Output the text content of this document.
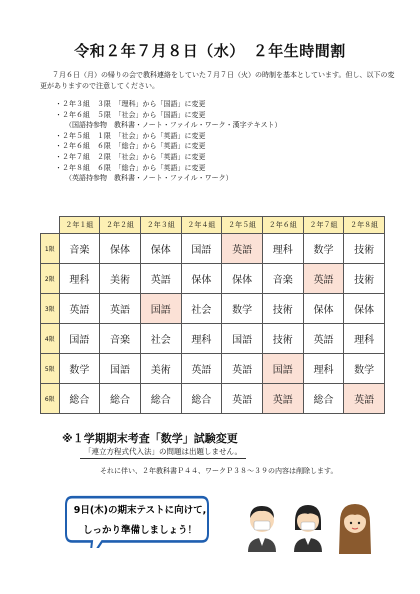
令和２年７月８日（水）　２年生時間割
７月６日（月）の帰りの会で教科連絡をしていた７月７日（火）の時制を基本としています。但し、以下の変更がありますので注意してください。
・２年３組　３限　「理科」から「国語」に変更
・２年６組　５限　「社会」から「国語」に変更
（国語持参物　教科書・ノート・ファイル・ワーク・漢字テキスト）
・２年５組　１限　「社会」から「英語」に変更
・２年６組　６限　「総合」から「英語」に変更
・２年７組　２限　「社会」から「英語」に変更
・２年８組　６限　「総合」から「英語」に変更
（英語持参物　教科書・ノート・ファイル・ワーク）
	２年１組	２年２組	２年３組	２年４組	２年５組	２年６組	２年７組	２年８組
1限	音楽	保体	保体	国語	英語	理科	数学	技術
2限	理科	美術	英語	保体	保体	音楽	英語	技術
3限	英語	英語	国語	社会	数学	技術	保体	保体
4限	国語	音楽	社会	理科	国語	技術	英語	理科
5限	数学	国語	美術	英語	英語	国語	理科	数学
6限	総合	総合	総合	総合	英語	英語	総合	英語
※１学期期末考査「数学」試験変更
「連立方程式代入法」の問題は出題しません。
それに伴い、２年教科書Ｐ４４、ワークＰ３８～３９の内容は削除します。
9日(木)の期末テストに向けて,
しっかり準備しましょう！
